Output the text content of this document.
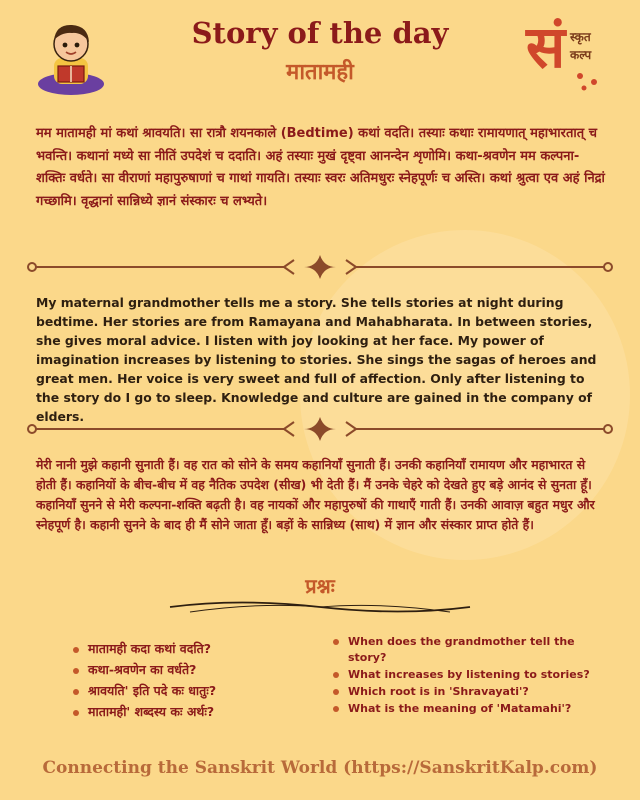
Story of the day
मातामही	सं स्कृत
कल्प
मम मातामही मां कथां श्रावयति। सा रात्रौ शयनकाले (Bedtime) कथां वदति। तस्याः कथाः रामायणात् महाभारतात् च भवन्ति। कथानां मध्ये सा नीतिं उपदेशं च ददाति। अहं तस्याः मुखं दृष्ट्वा आनन्देन शृणोमि। कथा-श्रवणेन मम कल्पना-शक्तिः वर्धते। सा वीराणां महापुरुषाणां च गाथां गायति। तस्याः स्वरः अतिमधुरः स्नेहपूर्णः च अस्ति। कथां श्रुत्वा एव अहं निद्रां गच्छामि। वृद्धानां सान्निध्ये ज्ञानं संस्कारः च लभ्यते।
My maternal grandmother tells me a story. She tells stories at night during bedtime. Her stories are from Ramayana and Mahabharata. In between stories, she gives moral advice. I listen with joy looking at her face. My power of imagination increases by listening to stories. She sings the sagas of heroes and great men. Her voice is very sweet and full of affection. Only after listening to the story do I go to sleep. Knowledge and culture are gained in the company of elders.
मेरी नानी मुझे कहानी सुनाती हैं। वह रात को सोने के समय कहानियाँ सुनाती हैं। उनकी कहानियाँ रामायण और महाभारत से होती हैं। कहानियों के बीच-बीच में वह नैतिक उपदेश (सीख) भी देती हैं। मैं उनके चेहरे को देखते हुए बड़े आनंद से सुनता हूँ। कहानियाँ सुनने से मेरी कल्पना-शक्ति बढ़ती है। वह नायकों और महापुरुषों की गाथाएँ गाती हैं। उनकी आवाज़ बहुत मधुर और स्नेहपूर्ण है। कहानी सुनने के बाद ही मैं सोने जाता हूँ। बड़ों के सान्निध्य (साथ) में ज्ञान और संस्कार प्राप्त होते हैं।
प्रश्नः
मातामही कदा कथां वदति?
कथा-श्रवणेन का वर्धते?
श्रावयति' इति पदे कः धातुः?
मातामही' शब्दस्य कः अर्थः?
When does the grandmother tell the story?
What increases by listening to stories?
Which root is in 'Shravayati'?
What is the meaning of 'Matamahi'?
Connecting the Sanskrit World (https://SanskritKalp.com)
